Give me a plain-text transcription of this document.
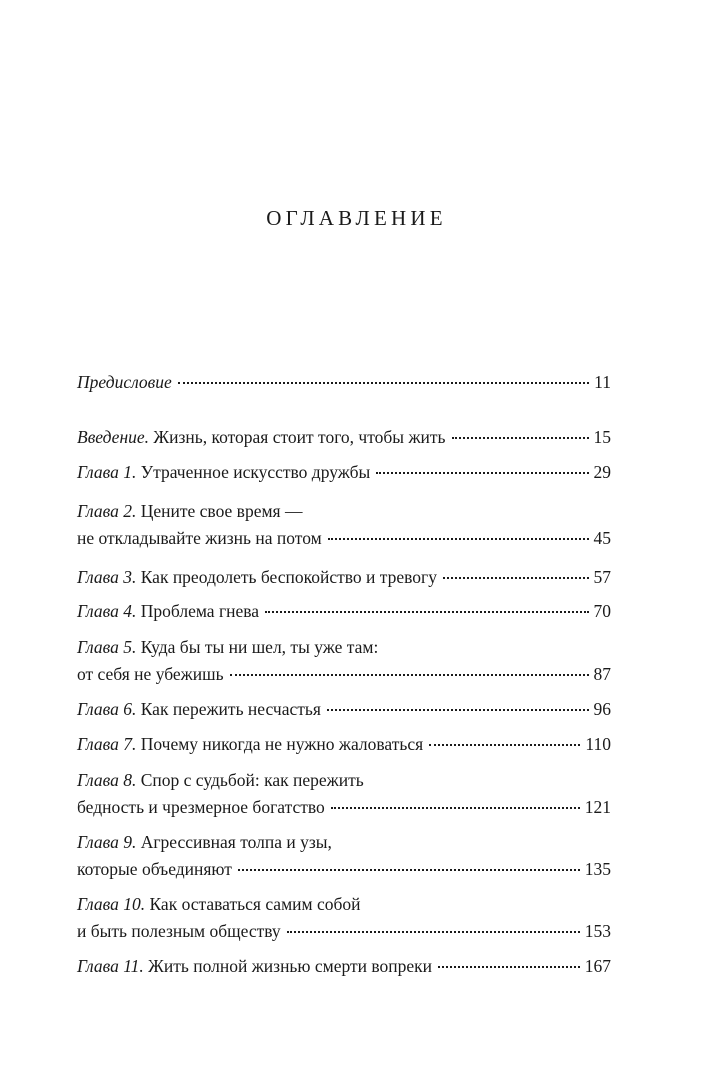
ОГЛАВЛЕНИЕ
Предисловие	11
Введение. Жизнь, которая стоит того, чтобы жить	15
Глава 1. Утраченное искусство дружбы	29
Глава 2. Цените свое время —
не откладывайте жизнь на потом	45
Глава 3. Как преодолеть беспокойство и тревогу	57
Глава 4. Проблема гнева	70
Глава 5. Куда бы ты ни шел, ты уже там:
от себя не убежишь	87
Глава 6. Как пережить несчастья	96
Глава 7. Почему никогда не нужно жаловаться	110
Глава 8. Спор с судьбой: как пережить
бедность и чрезмерное богатство	121
Глава 9. Агрессивная толпа и узы,
которые объединяют	135
Глава 10. Как оставаться самим собой
и быть полезным обществу	153
Глава 11. Жить полной жизнью смерти вопреки	167
